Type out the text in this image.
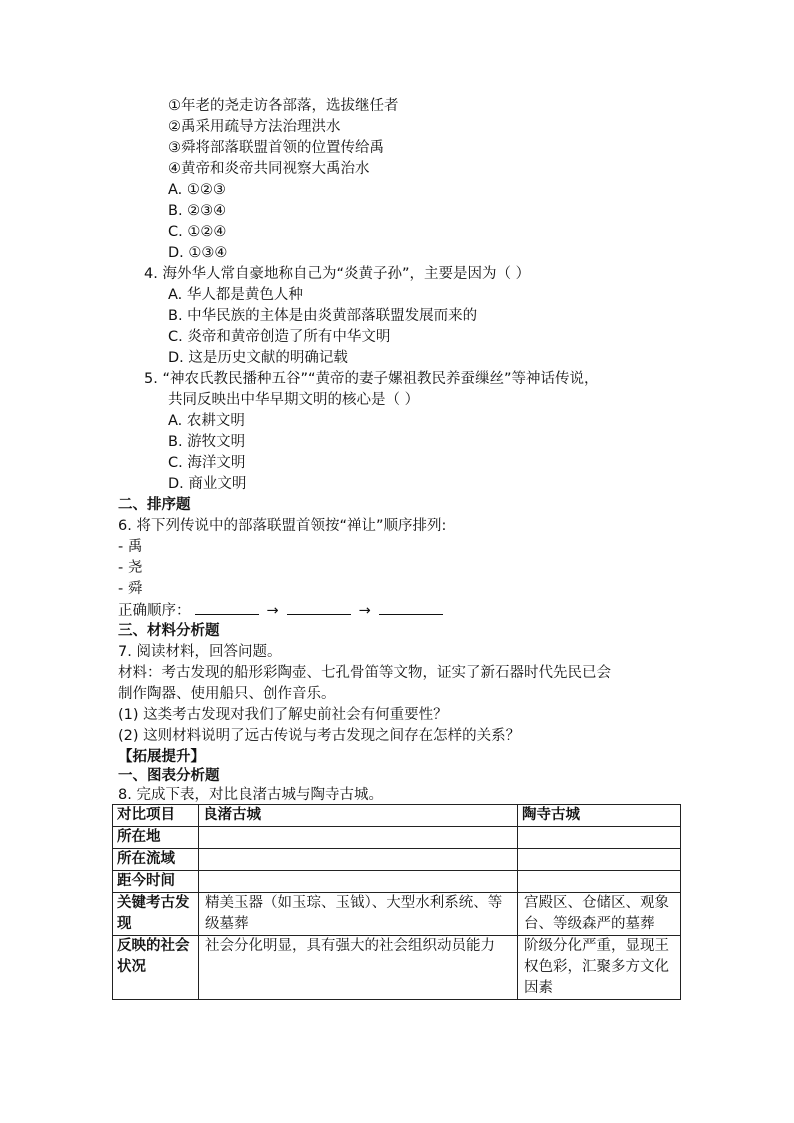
①年老的尧走访各部落，选拔继任者
②禹采用疏导方法治理洪水
③舜将部落联盟首领的位置传给禹
④黄帝和炎帝共同视察大禹治水
A. ①②③
B. ②③④
C. ①②④
D. ①③④
4. 海外华人常自豪地称自己为“炎黄子孙”，主要是因为（ ）
A. 华人都是黄色人种
B. 中华民族的主体是由炎黄部落联盟发展而来的
C. 炎帝和黄帝创造了所有中华文明
D. 这是历史文献的明确记载
5. “神农氏教民播种五谷”“黄帝的妻子嫘祖教民养蚕缫丝”等神话传说，
共同反映出中华早期文明的核心是（ ）
A. 农耕文明
B. 游牧文明
C. 海洋文明
D. 商业文明
二、排序题
6. 将下列传说中的部落联盟首领按“禅让”顺序排列:
- 禹
- 尧
- 舜
正确顺序：	→	→
三、材料分析题
7. 阅读材料，回答问题。
材料：考古发现的船形彩陶壶、七孔骨笛等文物，证实了新石器时代先民已会
制作陶器、使用船只、创作音乐。
(1) 这类考古发现对我们了解史前社会有何重要性？
(2) 这则材料说明了远古传说与考古发现之间存在怎样的关系？
【拓展提升】
一、图表分析题
8. 完成下表，对比良渚古城与陶寺古城。
对比项目	良渚古城	陶寺古城
所在地		
所在流域		
距今时间		
关键考古发现	精美玉器（如玉琮、玉钺）、大型水利系统、等级墓葬	宫殿区、仓储区、观象台、等级森严的墓葬
反映的社会状况	社会分化明显，具有强大的社会组织动员能力	阶级分化严重，显现王权色彩，汇聚多方文化因素
